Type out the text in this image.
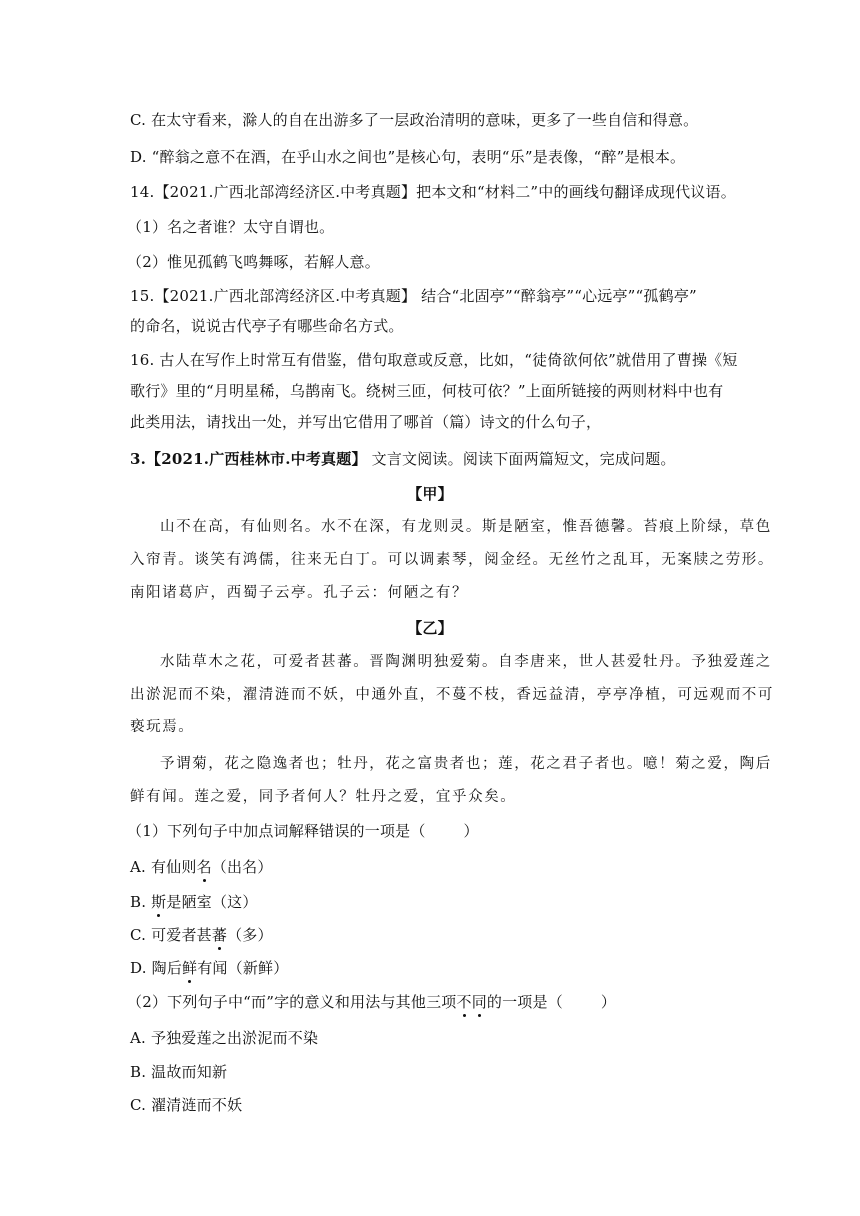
C. 在太守看来，滁人的自在出游多了一层政治清明的意味，更多了一些自信和得意。
D. “醉翁之意不在酒，在乎山水之间也”是核心句，表明“乐”是表像，“醉”是根本。
14.【2021.广西北部湾经济区.中考真题】把本文和“材料二”中的画线句翻译成现代议语。
（1）名之者谁？太守自谓也。
（2）惟见孤鹤飞鸣舞啄，若解人意。
15.【2021.广西北部湾经济区.中考真题】 结合“北固亭”“醉翁亭”“心远亭”“孤鹤亭”
的命名，说说古代亭子有哪些命名方式。
16. 古人在写作上时常互有借鉴，借句取意或反意，比如，“徒倚欲何依”就借用了曹操《短
歌行》里的“月明星稀，乌鹊南飞。绕树三匝，何枝可依？”上面所链接的两则材料中也有
此类用法，请找出一处，并写出它借用了哪首（篇）诗文的什么句子，
3.【2021.广西桂林市.中考真题】 文言文阅读。阅读下面两篇短文，完成问题。
【甲】
山不在高，有仙则名。水不在深，有龙则灵。斯是陋室，惟吾德馨。苔痕上阶绿，草色
入帘青。谈笑有鸿儒，往来无白丁。可以调素琴，阅金经。无丝竹之乱耳，无案牍之劳形。
南阳诸葛庐，西蜀子云亭。孔子云：何陋之有？
【乙】
水陆草木之花，可爱者甚蕃。晋陶渊明独爱菊。自李唐来，世人甚爱牡丹。予独爱莲之
出淤泥而不染，濯清涟而不妖，中通外直，不蔓不枝，香远益清，亭亭净植，可远观而不可
亵玩焉。
予谓菊，花之隐逸者也；牡丹，花之富贵者也；莲，花之君子者也。噫！菊之爱，陶后
鲜有闻。莲之爱，同予者何人？牡丹之爱，宜乎众矣。
（1）下列句子中加点词解释错误的一项是（	）
A. 有仙则名（出名）
B. 斯是陋室（这）
C. 可爱者甚蕃（多）
D. 陶后鲜有闻（新鲜）
（2）下列句子中“而”字的意义和用法与其他三项不同的一项是（	）
A. 予独爱莲之出淤泥而不染
B. 温故而知新
C. 濯清涟而不妖
